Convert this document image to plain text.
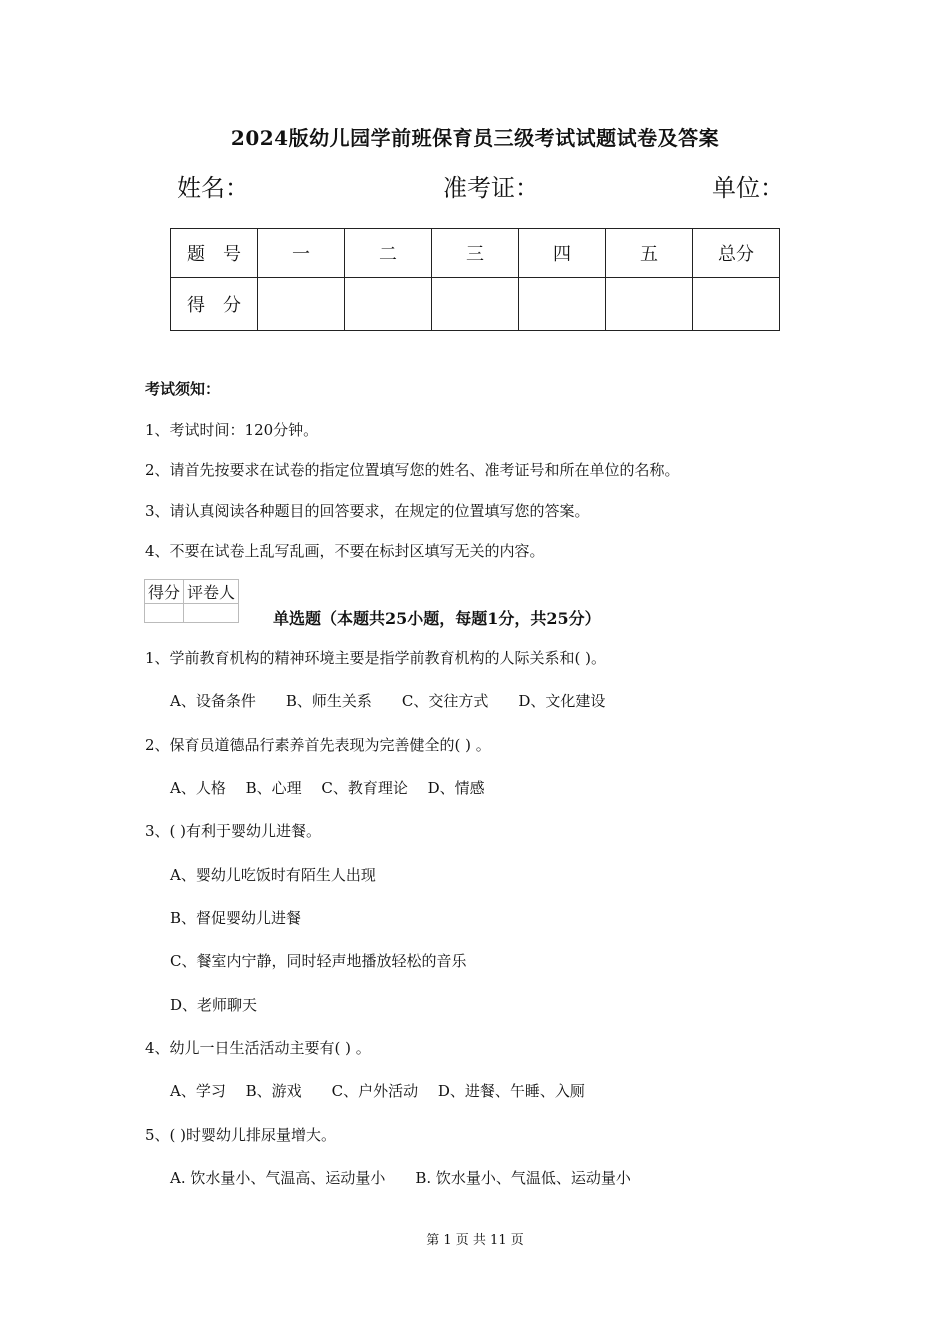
2024版幼儿园学前班保育员三级考试试题试卷及答案
姓名：	准考证：	单位：
题　号	一	二	三	四	五	总分
得　分						
考试须知：
1、考试时间：120分钟。
2、请首先按要求在试卷的指定位置填写您的姓名、准考证号和所在单位的名称。
3、请认真阅读各种题目的回答要求，在规定的位置填写您的答案。
4、不要在试卷上乱写乱画，不要在标封区填写无关的内容。
得分	评卷人

单选题（本题共25小题，每题1分，共25分）
1、学前教育机构的精神环境主要是指学前教育机构的人际关系和( )。
A、设备条件　　B、师生关系　　C、交往方式　　D、文化建设
2、保育员道德品行素养首先表现为完善健全的( ) 。
A、人格　 B、心理　 C、教育理论　 D、情感
3、( )有利于婴幼儿进餐。
A、婴幼儿吃饭时有陌生人出现
B、督促婴幼儿进餐
C、餐室内宁静，同时轻声地播放轻松的音乐
D、老师聊天
4、幼儿一日生活活动主要有( ) 。
A、学习　 B、游戏　　C、户外活动　 D、进餐、午睡、入厕
5、( )时婴幼儿排尿量增大。
A. 饮水量小、气温高、运动量小　　B. 饮水量小、气温低、运动量小
第 1 页 共 11 页
